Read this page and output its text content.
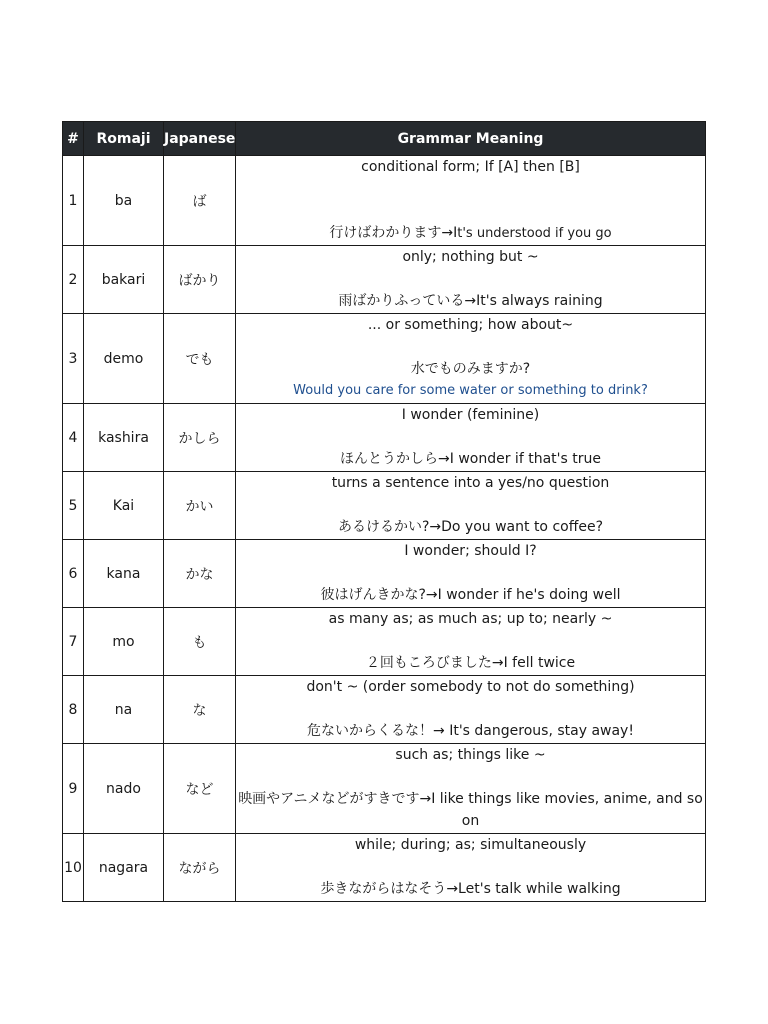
#	Romaji	Japanese	Grammar Meaning
1	ba	ば	conditional form; If [A] then [B]
行けばわかります→It's understood if you go

2	bakari	ばかり	only; nothing but ~
雨ばかりふっている→It's always raining

3	demo	でも	... or something; how about~
水でものみますか?
Would you care for some water or something to drink?

4	kashira	かしら	I wonder (feminine)
ほんとうかしら→I wonder if that's true

5	Kai	かい	turns a sentence into a yes/no question
あるけるかい?→Do you want to coffee?

6	kana	かな	I wonder; should I?
彼はげんきかな?→I wonder if he's doing well

7	mo	も	as many as; as much as; up to; nearly ~
２回もころびました→I fell twice

8	na	な	don't ~ (order somebody to not do something)
危ないからくるな！→ It's dangerous, stay away!

9	nado	など	such as; things like ~
映画やアニメなどがすきです→I like things like movies, anime, and so on

10	nagara	ながら	while; during; as; simultaneously
歩きながらはなそう→Let's talk while walking
